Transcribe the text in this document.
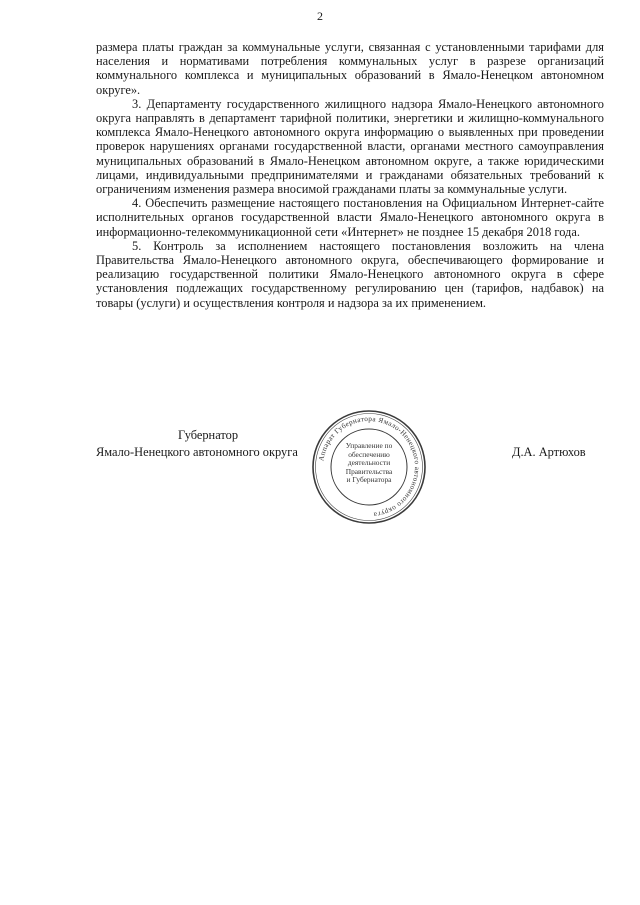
2

размера платы граждан за коммунальные услуги, связанная с установленными тарифами для населения и нормативами потребления коммунальных услуг в разрезе организаций коммунального комплекса и муниципальных образований в Ямало-Ненецком автономном округе».

3. Департаменту государственного жилищного надзора Ямало-Ненецкого автономного округа направлять в департамент тарифной политики, энергетики и жилищно-коммунального комплекса Ямало-Ненецкого автономного округа информацию о выявленных при проведении проверок нарушениях органами государственной власти, органами местного самоуправления муниципальных образований в Ямало-Ненецком автономном округе, а также юридическими лицами, индивидуальными предпринимателями и гражданами обязательных требований к ограничениям изменения размера вносимой гражданами платы за коммунальные услуги.

4. Обеспечить размещение настоящего постановления на Официальном Интернет-сайте исполнительных органов государственной власти Ямало-Ненецкого автономного округа в информационно-телекоммуникационной сети «Интернет» не позднее 15 декабря 2018 года.

5. Контроль за исполнением настоящего постановления возложить на члена Правительства Ямало-Ненецкого автономного округа, обеспечивающего формирование и реализацию государственной политики Ямало-Ненецкого автономного округа в сфере установления подлежащих государственному регулированию цен (тарифов, надбавок) на товары (услуги) и осуществления контроля и надзора за их применением.

Губернатор
Ямало-Ненецкого автономного округа	Аппарат Губернатора Ямало-Ненецкого автономного округа
Управление по
обеспечению
деятельности
Правительства
и Губернатора
Д.А. Артюхов
